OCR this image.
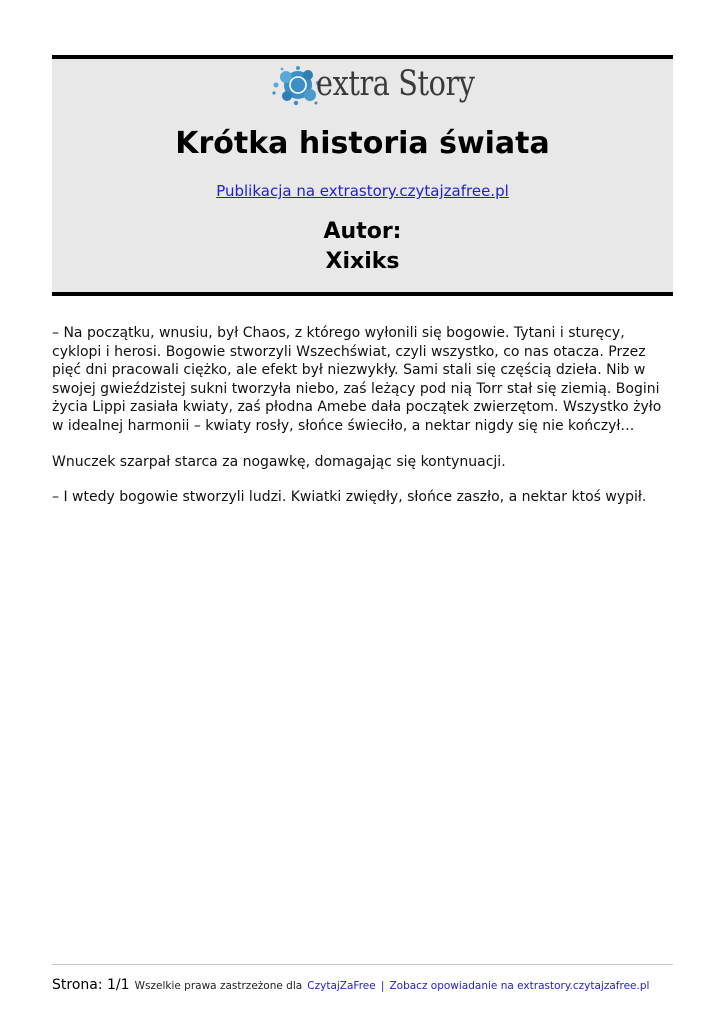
extra Story
Krótka historia świata
Publikacja na extrastory.czytajzafree.pl
Autor:
Xixiks

– Na początku, wnusiu, był Chaos, z którego wyłonili się bogowie. Tytani i sturęcy, cyklopi i herosi. Bogowie stworzyli Wszechświat, czyli wszystko, co nas otacza. Przez pięć dni pracowali ciężko, ale efekt był niezwykły. Sami stali się częścią dzieła. Nib w swojej gwieździstej sukni tworzyła niebo, zaś leżący pod nią Torr stał się ziemią. Bogini życia Lippi zasiała kwiaty, zaś płodna Amebe dała początek zwierzętom. Wszystko żyło w idealnej harmonii – kwiaty rosły, słońce świeciło, a nektar nigdy się nie kończył…

Wnuczek szarpał starca za nogawkę, domagając się kontynuacji.

– I wtedy bogowie stworzyli ludzi. Kwiatki zwiędły, słońce zaszło, a nektar ktoś wypił.

Strona: 1/1 Wszelkie prawa zastrzeżone dla CzytajZaFree | Zobacz opowiadanie na extrastory.czytajzafree.pl
